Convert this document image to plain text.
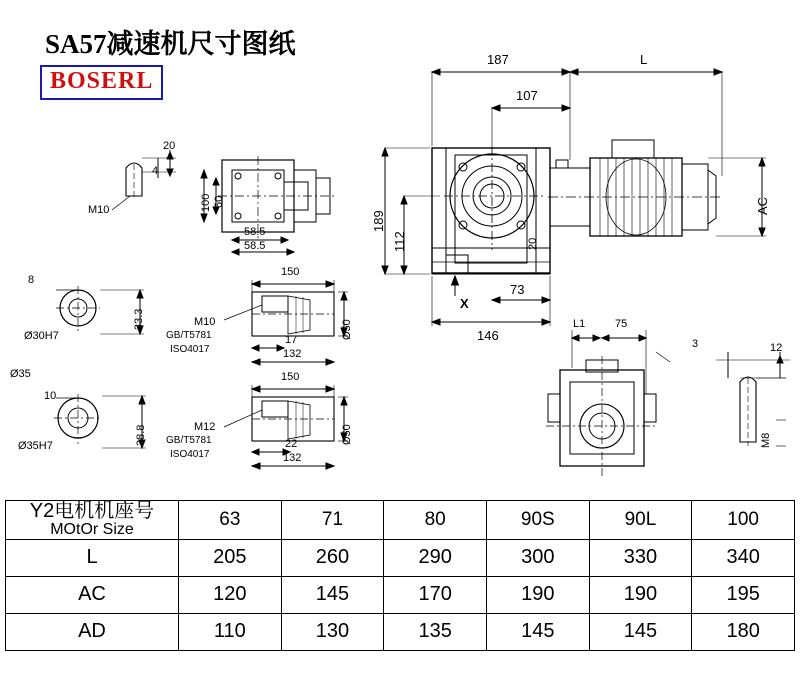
SA57减速机尺寸图纸
BOSERL
187	L
107
189
112
AC
20
X
73
146
20
4
M10	100 60
58.5
58.5
8
Ø30H7
33.3
Ø35
10
Ø35H7	38.8
150
M10
GB/T5781
ISO4017
17
132
Ø50
150
M12
GB/T5781
ISO4017
22
132
Ø50
L1	75
3	12
M8
Y2电机机座号
MOtOr Size	63	71	80	90S	90L	100
L	205	260	290	300	330	340
AC	120	145	170	190	190	195
AD	110	130	135	145	145	180
